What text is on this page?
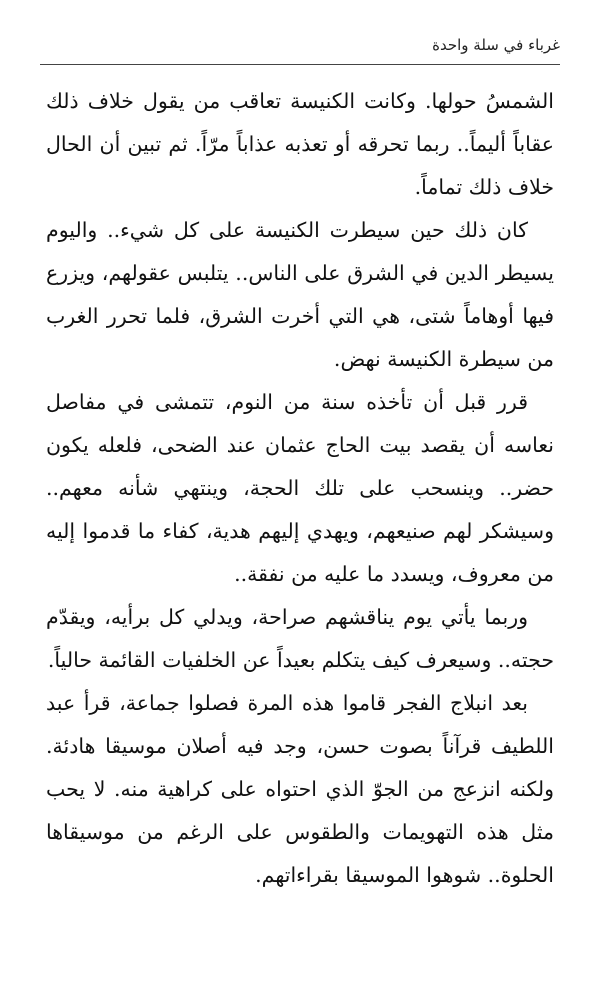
غرباء في سلة واحدة

الشمسُ حولها. وكانت الكنيسة تعاقب من يقول خلاف ذلك عقاباً أليماً.. ربما تحرقه أو تعذبه عذاباً مرّاً. ثم تبين أن الحال خلاف ذلك تماماً.

كان ذلك حين سيطرت الكنيسة على كل شيء.. واليوم يسيطر الدين في الشرق على الناس.. يتلبس عقولهم، ويزرع فيها أوهاماً شتى، هي التي أخرت الشرق، فلما تحرر الغرب من سيطرة الكنيسة نهض.

قرر قبل أن تأخذه سنة من النوم، تتمشى في مفاصل نعاسه أن يقصد بيت الحاج عثمان عند الضحى، فلعله يكون حضر.. وينسحب على تلك الحجة، وينتهي شأنه معهم.. وسيشكر لهم صنيعهم، ويهدي إليهم هدية، كفاء ما قدموا إليه من معروف، ويسدد ما عليه من نفقة..

وربما يأتي يوم يناقشهم صراحة، ويدلي كل برأيه، ويقدّم حجته.. وسيعرف كيف يتكلم بعيداً عن الخلفيات القائمة حالياً.

بعد انبلاج الفجر قاموا هذه المرة فصلوا جماعة، قرأ عبد اللطيف قرآناً بصوت حسن، وجد فيه أصلان موسيقا هادئة. ولكنه انزعج من الجوّ الذي احتواه على كراهية منه. لا يحب مثل هذه التهويمات والطقوس على الرغم من موسيقاها الحلوة.. شوهوا الموسيقا بقراءاتهم.
